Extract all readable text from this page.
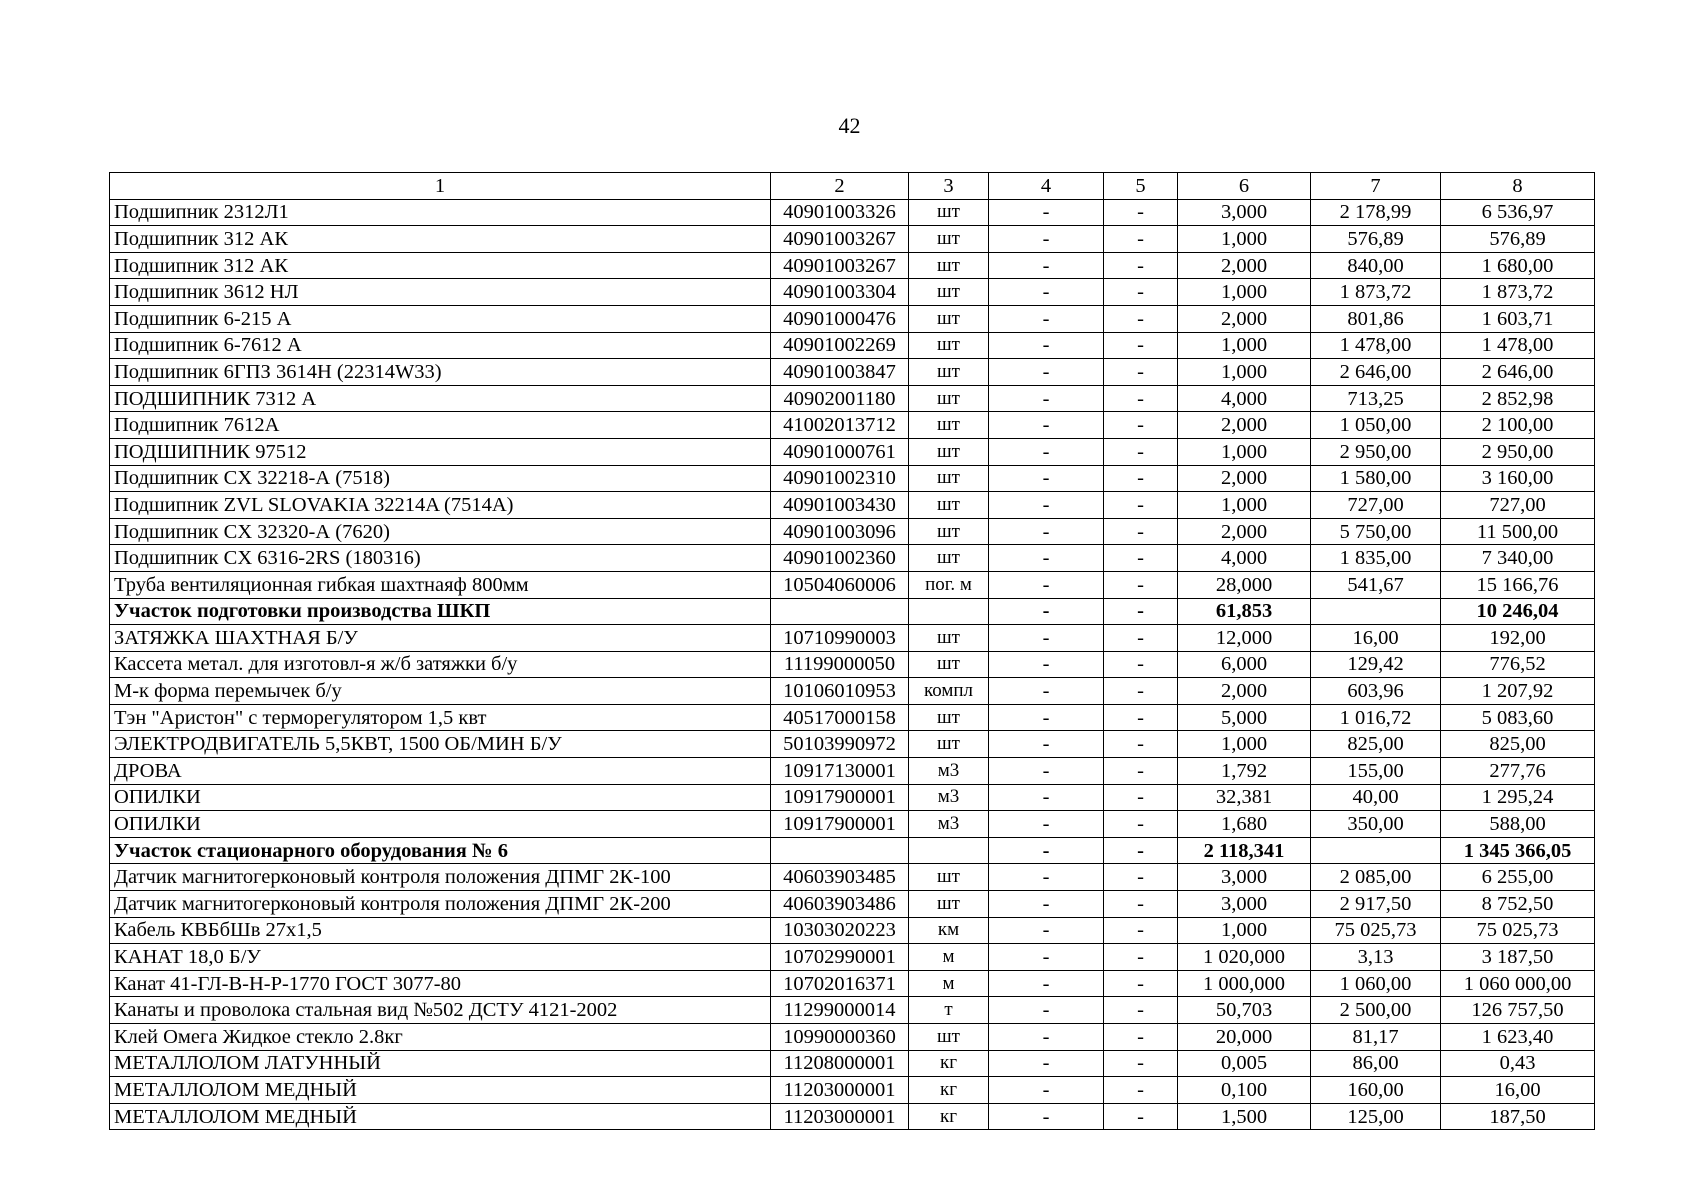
42
1	2	3	4	5	6	7	8
Подшипник 2312Л1	40901003326	шт	-	-	3,000	2 178,99	6 536,97
Подшипник 312 АК	40901003267	шт	-	-	1,000	576,89	576,89
Подшипник 312 АК	40901003267	шт	-	-	2,000	840,00	1 680,00
Подшипник 3612 НЛ	40901003304	шт	-	-	1,000	1 873,72	1 873,72
Подшипник 6-215 А	40901000476	шт	-	-	2,000	801,86	1 603,71
Подшипник 6-7612 А	40901002269	шт	-	-	1,000	1 478,00	1 478,00
Подшипник 6ГПЗ 3614Н (22314W33)	40901003847	шт	-	-	1,000	2 646,00	2 646,00
ПОДШИПНИК 7312 А	40902001180	шт	-	-	4,000	713,25	2 852,98
Подшипник 7612А	41002013712	шт	-	-	2,000	1 050,00	2 100,00
ПОДШИПНИК 97512	40901000761	шт	-	-	1,000	2 950,00	2 950,00
Подшипник CX 32218-А (7518)	40901002310	шт	-	-	2,000	1 580,00	3 160,00
Подшипник ZVL SLOVAKIA 32214A (7514A)	40901003430	шт	-	-	1,000	727,00	727,00
Подшипник CX 32320-А (7620)	40901003096	шт	-	-	2,000	5 750,00	11 500,00
Подшипник CX 6316-2RS (180316)	40901002360	шт	-	-	4,000	1 835,00	7 340,00
Труба вентиляционная гибкая шахтнаяф 800мм	10504060006	пог. м	-	-	28,000	541,67	15 166,76
Участок подготовки производства ШКП			-	-	61,853		10 246,04
ЗАТЯЖКА ШАХТНАЯ Б/У	10710990003	шт	-	-	12,000	16,00	192,00
Кассета метал. для изготовл-я ж/б затяжки б/у	11199000050	шт	-	-	6,000	129,42	776,52
М-к форма перемычек б/у	10106010953	компл	-	-	2,000	603,96	1 207,92
Тэн "Аристон" с терморегулятором 1,5 квт	40517000158	шт	-	-	5,000	1 016,72	5 083,60
ЭЛЕКТРОДВИГАТЕЛЬ 5,5КВТ, 1500 ОБ/МИН Б/У	50103990972	шт	-	-	1,000	825,00	825,00
ДРОВА	10917130001	м3	-	-	1,792	155,00	277,76
ОПИЛКИ	10917900001	м3	-	-	32,381	40,00	1 295,24
ОПИЛКИ	10917900001	м3	-	-	1,680	350,00	588,00
Участок стационарного оборудования № 6			-	-	2 118,341		1 345 366,05
Датчик магнитогерконовый контроля положения ДПМГ 2К-100	40603903485	шт	-	-	3,000	2 085,00	6 255,00
Датчик магнитогерконовый контроля положения ДПМГ 2К-200	40603903486	шт	-	-	3,000	2 917,50	8 752,50
Кабель КВБбШв 27х1,5	10303020223	км	-	-	1,000	75 025,73	75 025,73
КАНАТ 18,0 Б/У	10702990001	м	-	-	1 020,000	3,13	3 187,50
Канат 41-ГЛ-В-Н-Р-1770 ГОСТ 3077-80	10702016371	м	-	-	1 000,000	1 060,00	1 060 000,00
Канаты и проволока стальная вид №502 ДСТУ 4121-2002	11299000014	т	-	-	50,703	2 500,00	126 757,50
Клей Омега Жидкое стекло 2.8кг	10990000360	шт	-	-	20,000	81,17	1 623,40
МЕТАЛЛОЛОМ ЛАТУННЫЙ	11208000001	кг	-	-	0,005	86,00	0,43
МЕТАЛЛОЛОМ МЕДНЫЙ	11203000001	кг	-	-	0,100	160,00	16,00
МЕТАЛЛОЛОМ МЕДНЫЙ	11203000001	кг	-	-	1,500	125,00	187,50
